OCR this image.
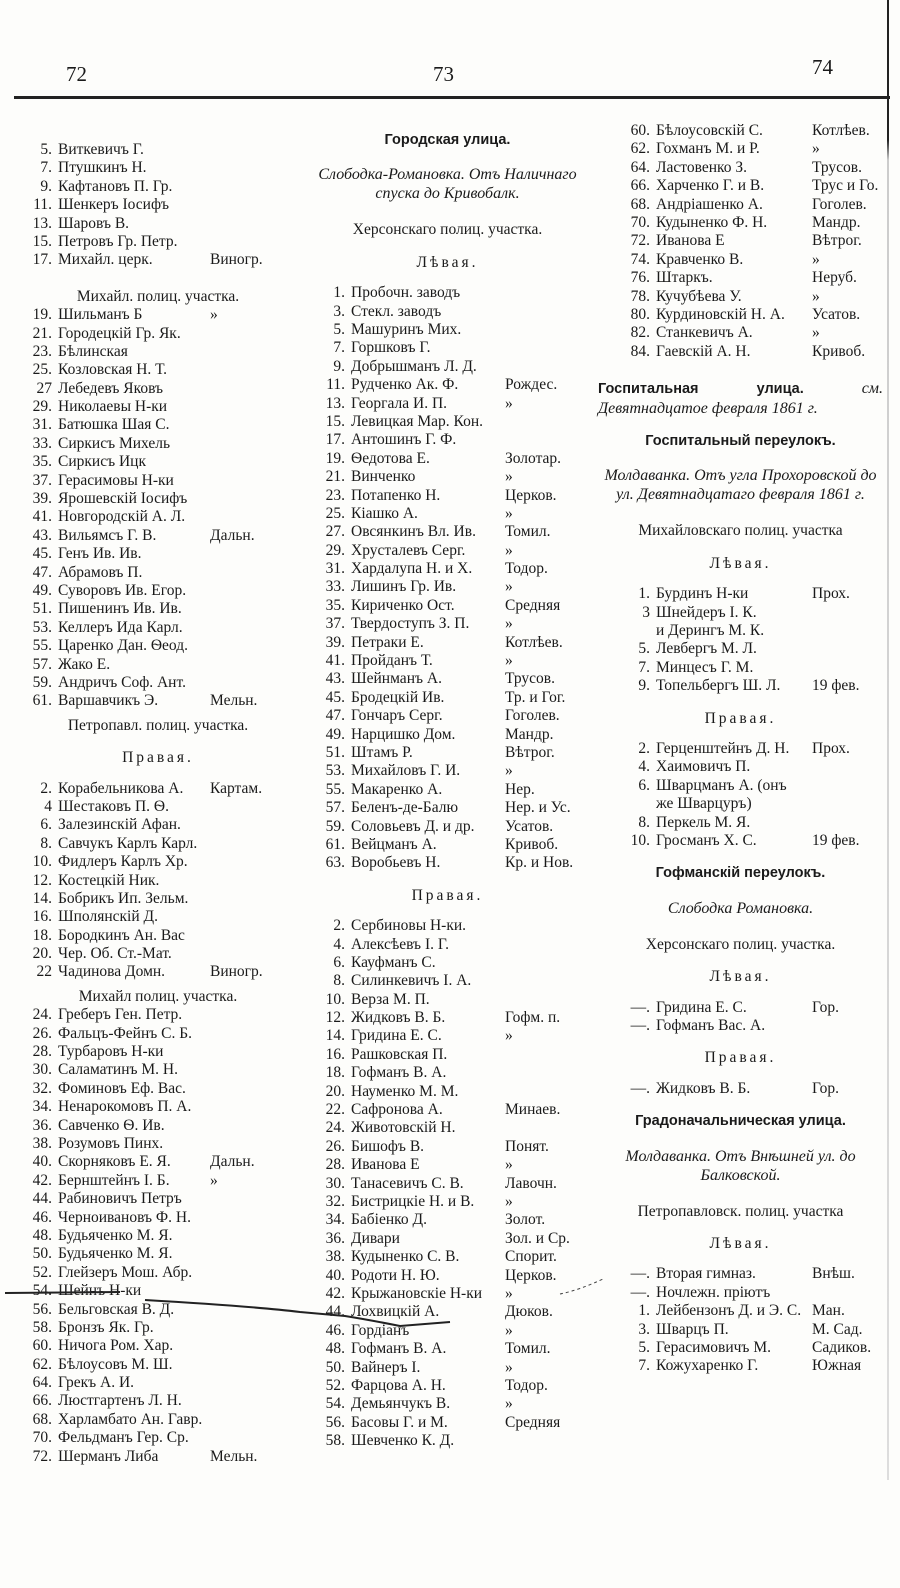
72	73	74
5. Виткевичъ Г.
7. Птушкинъ Н.
9. Кафтановъ П. Гр.
11. Шенкеръ Іосифъ
13. Шаровъ В.
15. Петровъ Гр. Петр.
17. Михайл. церк.	Виногр.
Михайл. полиц. участка.
19. Шильманъ Б	»
21. Городецкій Гр. Як.
23. Бѣлинская
25. Козловская Н. Т.
27 Лебедевъ Яковъ
29. Николаевы Н-ки
31. Батюшка Шая С.
33. Сиркисъ Михель
35. Сиркисъ Ицк
37. Герасимовы Н-ки
39. Ярошевскій Іосифъ
41. Новгородскій А. Л.
43. Вильямсъ Г. В.	Дальн.
45. Генъ Ив. Ив.
47. Абрамовъ П.
49. Суворовъ Ив. Егор.
51. Пишенинъ Ив. Ив.
53. Келлеръ Ида Карл.
55. Царенко Дан. Ѳеод.
57. Жако Е.
59. Андричъ Соф. Ант.
61. Варшавчикъ Э.	Мельн.
Петропавл. полиц. участка.
Правая.
2. Корабельникова А. Картам.
4 Шестаковъ П. Ѳ.
6. Залезинскій Афан.
8. Савчукъ Карлъ Карл.
10. Фидлеръ Карлъ Хр.
12. Костецкій Ник.
14. Бобрикъ Ип. Зельм.
16. Шполянскій Д.
18. Бородкинъ Ан. Вас
20. Чер. Об. Ст.-Мат.
22 Чадинова Домн.	Виногр.
Михайл полиц. участка.
24. Греберъ Ген. Петр.
26. Фальцъ-Фейнъ С. Б.
28. Турбаровъ Н-ки
30. Саламатинъ М. Н.
32. Фоминовъ Еф. Вас.
34. Ненарокомовъ П. А.
36. Савченко Ѳ. Ив.
38. Розумовъ Пинх.
40. Скорняковъ Е. Я.	Дальн.
42. Бернштейнъ І. Б.	»
44. Рабиновичъ Петръ
46. Черноивановъ Ф. Н.
48. Будьяченко М. Я.
50. Будьяченко М. Я.
52. Глейзеръ Мош. Абр.
54. Шейнъ Н-ки
56. Бельговская В. Д.
58. Бронзъ Як. Гр.
60. Ничога Ром. Хар.
62. Бѣлоусовъ М. Ш.
64. Грекъ А. И.
66. Люстгартенъ Л. Н.
68. Харламбато Ан. Гавр.
70. Фельдманъ Гер. Ср.
72. Шерманъ Либа	Мельн.
Городская улица.
Слободка-Романовка. Отъ Наличнаго спуска до Кривобалк.
Херсонскаго полиц. участка.
Лѣвая.
1. Пробочн. заводъ
3. Стекл. заводъ
5. Машуринъ Мих.
7. Горшковъ Г.
9. Добрышманъ Л. Д.
11. Рудченко Ак. Ф.	Рождес.
13. Георгала И. П.	»
15. Левицкая Мар. Кон.
17. Антошинъ Г. Ф.
19. Ѳедотова Е.	Золотар.
21. Винченко	»
23. Потапенко Н.	Церков.
25. Кіашко А.	»
27. Овсянкинъ Вл. Ив. Томил.
29. Хрусталевъ Серг.	»
31. Хардалупа Н. и Х. Тодор.
33. Лишинъ Гр. Ив.	»
35. Кириченко Ост.	Средняя
37. Твердоступъ З. П. »
39. Петраки Е.	Котлѣев.
41. Пройданъ Т.	»
43. Шейнманъ А.	Трусов.
45. Бродецкій Ив.	Тр. и Гог.
47. Гончаръ Серг.	Гоголев.
49. Нарцишко Дом.	Мандр.
51. Штамъ Р.	Вѣтрог.
53. Михайловъ Г. И.	»
55. Макаренко А.	Нер.
57. Беленъ-де-Балю	Нер. и Ус.
59. Соловьевъ Д. и др. Усатов.
61. Вейцманъ А.	Кривоб.
63. Воробьевъ Н.	Кр. и Нов.
Правая.
2. Сербиновы Н-ки.
4. Алексѣевъ І. Г.
6. Кауфманъ С.
8. Силинкевичъ І. А.
10. Верза М. П.
12. Жидковъ В. Б.	Гофм. п.
14. Гридина Е. С.	»
16. Рашковская П.
18. Гофманъ В. А.
20. Науменко М. М.
22. Сафронова А.	Минаев.
24. Животовскій Н.
26. Бишофъ В.	Понят.
28. Иванова Е	»
30. Танасевичъ С. В.	Лавочн.
32. Бистрицкіе Н. и В. »
34. Бабіенко Д.	Золот.
36. Дивари	Зол. и Ср.
38. Кудыненко С. В.	Спорит.
40. Родоти Н. Ю.	Церков.
42. Крыжановскіе Н-ки »
44. Лохвицкій А.	Дюков.
46. Гордіанъ	»
48. Гофманъ В. А.	Томил.
50. Вайнеръ І.	»
52. Фарцова А. Н.	Тодор.
54. Демьянчукъ В.	»
56. Басовы Г. и М.	Средняя
58. Шевченко К. Д.
60. Бѣлоусовскій С.	Котлѣев.
62. Гохманъ М. и Р.	»
64. Ластовенко З.	Трусов.
66. Харченко Г. и В.	Трус и Го.
68. Андріашенко А.	Гоголев.
70. Кудыненко Ф. Н.	Мандр.
72. Иванова Е	Вѣтрог.
74. Кравченко В.	»
76. Штаркъ.	Неруб.
78. Кучубѣева У.	»
80. Курдиновскій Н. А. Усатов.
82. Станкевичъ А.	»
84. Гаевскій А. Н.	Кривоб.
Госпитальная улица.	см. Девятнадцатое февраля 1861 г.
Госпитальный переулокъ.
Молдаванка. Отъ угла Прохоровской до ул. Девятнадцатаго февраля 1861 г.
Михайловскаго полиц. участка
Лѣвая.
1. Бурдинъ Н-ки	Прох.
3 Шнейдеръ І. К.
и Дерингъ М. К.
5. Левбергъ М. Л.
7. Минцесъ Г. М.
9. Топельбергъ Ш. Л. 19 фев.
Правая.
2. Герценштейнъ Д. Н. Прох.
4. Хаимовичъ П.
6. Шварцманъ А. (онъ
же Шварцуръ)
8. Перкель М. Я.
10. Гросманъ Х. С.	19 фев.
Гофманскій переулокъ.
Слободка Романовка.
Херсонскаго полиц. участка.
Лѣвая.
—. Гридина Е. С.	Гор.
—. Гофманъ Вас. А.
Правая.
—. Жидковъ В. Б.	Гор.
Градоначальническая улица.
Молдаванка. Отъ Внѣшней ул. до Балковской.
Петропавловск. полиц. участка
Лѣвая.
—. Вторая гимназ.	Внѣш.
—. Ночлежн. пріютъ
1. Лейбензонъ Д. и Э. С. Ман.
3. Шварцъ П.	М. Сад.
5. Герасимовичъ М.	Садиков.
7. Кожухаренко Г.	Южная
